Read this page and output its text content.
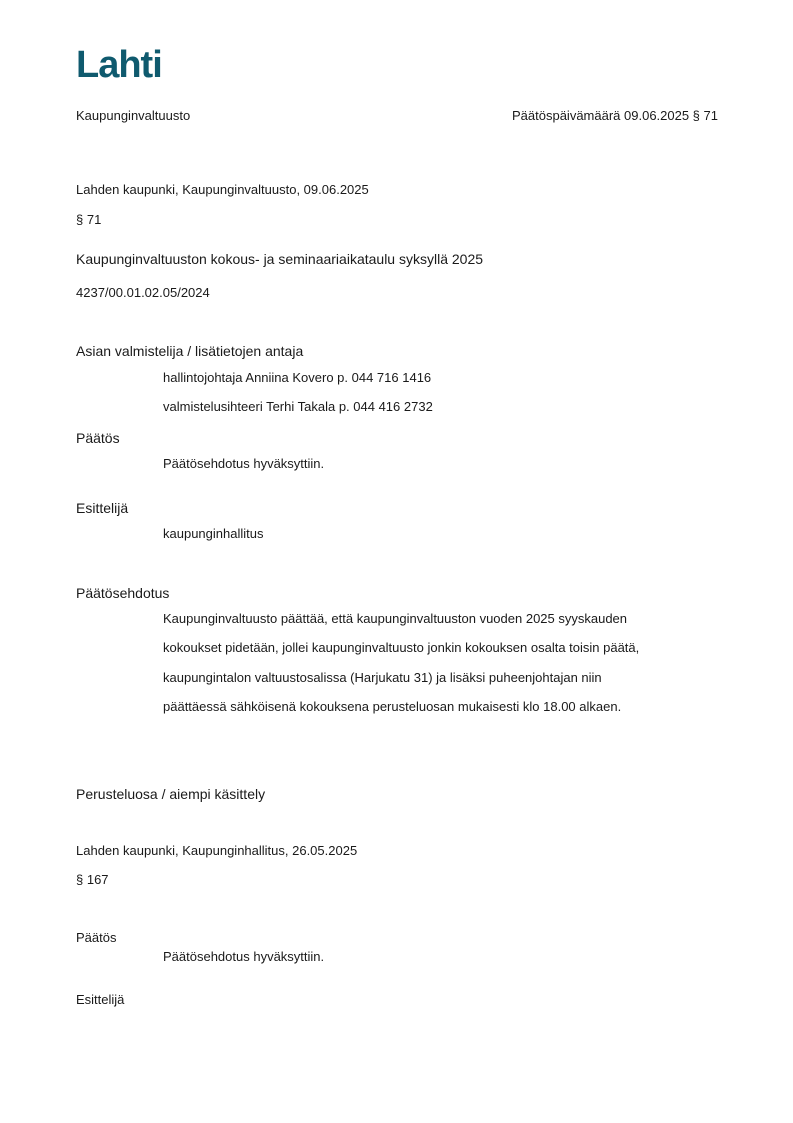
Lahti
Kaupunginvaltuusto	Päätöspäivämäärä 09.06.2025 § 71
Lahden kaupunki, Kaupunginvaltuusto, 09.06.2025
§ 71
Kaupunginvaltuuston kokous- ja seminaariaikataulu syksyllä 2025
4237/00.01.02.05/2024
Asian valmistelija / lisätietojen antaja
hallintojohtaja Anniina Kovero p. 044 716 1416
valmistelusihteeri Terhi Takala p. 044 416 2732
Päätös
Päätösehdotus hyväksyttiin.
Esittelijä
kaupunginhallitus
Päätösehdotus
Kaupunginvaltuusto päättää, että kaupunginvaltuuston vuoden 2025 syyskauden
kokoukset pidetään, jollei kaupunginvaltuusto jonkin kokouksen osalta toisin päätä,
kaupungintalon valtuustosalissa (Harjukatu 31) ja lisäksi puheenjohtajan niin
päättäessä sähköisenä kokouksena perusteluosan mukaisesti klo 18.00 alkaen.
Perusteluosa / aiempi käsittely
Lahden kaupunki, Kaupunginhallitus, 26.05.2025
§ 167
Päätös
Päätösehdotus hyväksyttiin.
Esittelijä
